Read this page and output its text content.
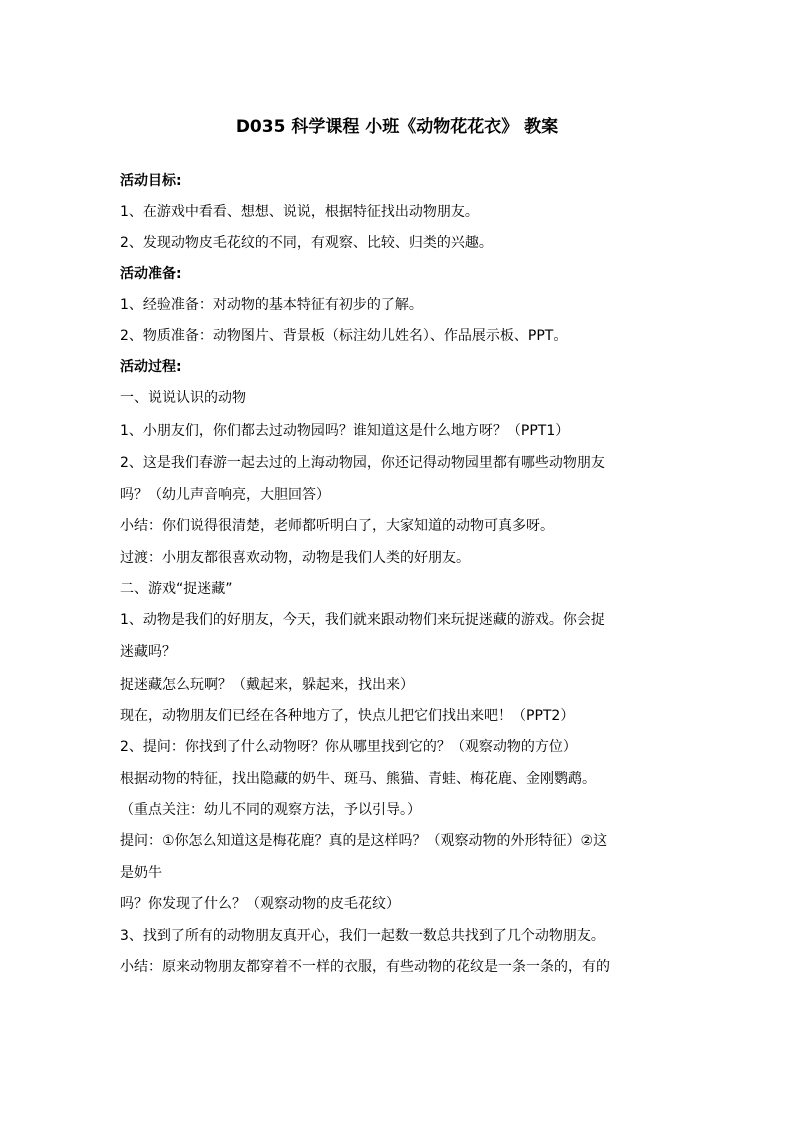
D035 科学课程 小班《动物花花衣》 教案
活动目标:
1、在游戏中看看、想想、说说，根据特征找出动物朋友。
2、发现动物皮毛花纹的不同，有观察、比较、归类的兴趣。
活动准备:
1、经验准备：对动物的基本特征有初步的了解。
2、物质准备：动物图片、背景板（标注幼儿姓名）、作品展示板、PPT。
活动过程:
一、说说认识的动物
1、小朋友们，你们都去过动物园吗？谁知道这是什么地方呀？（PPT1）
2、这是我们春游一起去过的上海动物园，你还记得动物园里都有哪些动物朋友
吗？（幼儿声音响亮，大胆回答）
小结：你们说得很清楚，老师都听明白了，大家知道的动物可真多呀。
过渡：小朋友都很喜欢动物，动物是我们人类的好朋友。
二、游戏“捉迷藏”
1、动物是我们的好朋友，今天，我们就来跟动物们来玩捉迷藏的游戏。你会捉
迷藏吗？
捉迷藏怎么玩啊？（戴起来，躲起来，找出来）
现在，动物朋友们已经在各种地方了，快点儿把它们找出来吧！（PPT2）
2、提问：你找到了什么动物呀？你从哪里找到它的？（观察动物的方位）
根据动物的特征，找出隐藏的奶牛、斑马、熊猫、青蛙、梅花鹿、金刚鹦鹉。
（重点关注：幼儿不同的观察方法，予以引导。）
提问：①你怎么知道这是梅花鹿？真的是这样吗？（观察动物的外形特征）②这
是奶牛
吗？你发现了什么？（观察动物的皮毛花纹）
3、找到了所有的动物朋友真开心，我们一起数一数总共找到了几个动物朋友。
小结：原来动物朋友都穿着不一样的衣服，有些动物的花纹是一条一条的，有的
